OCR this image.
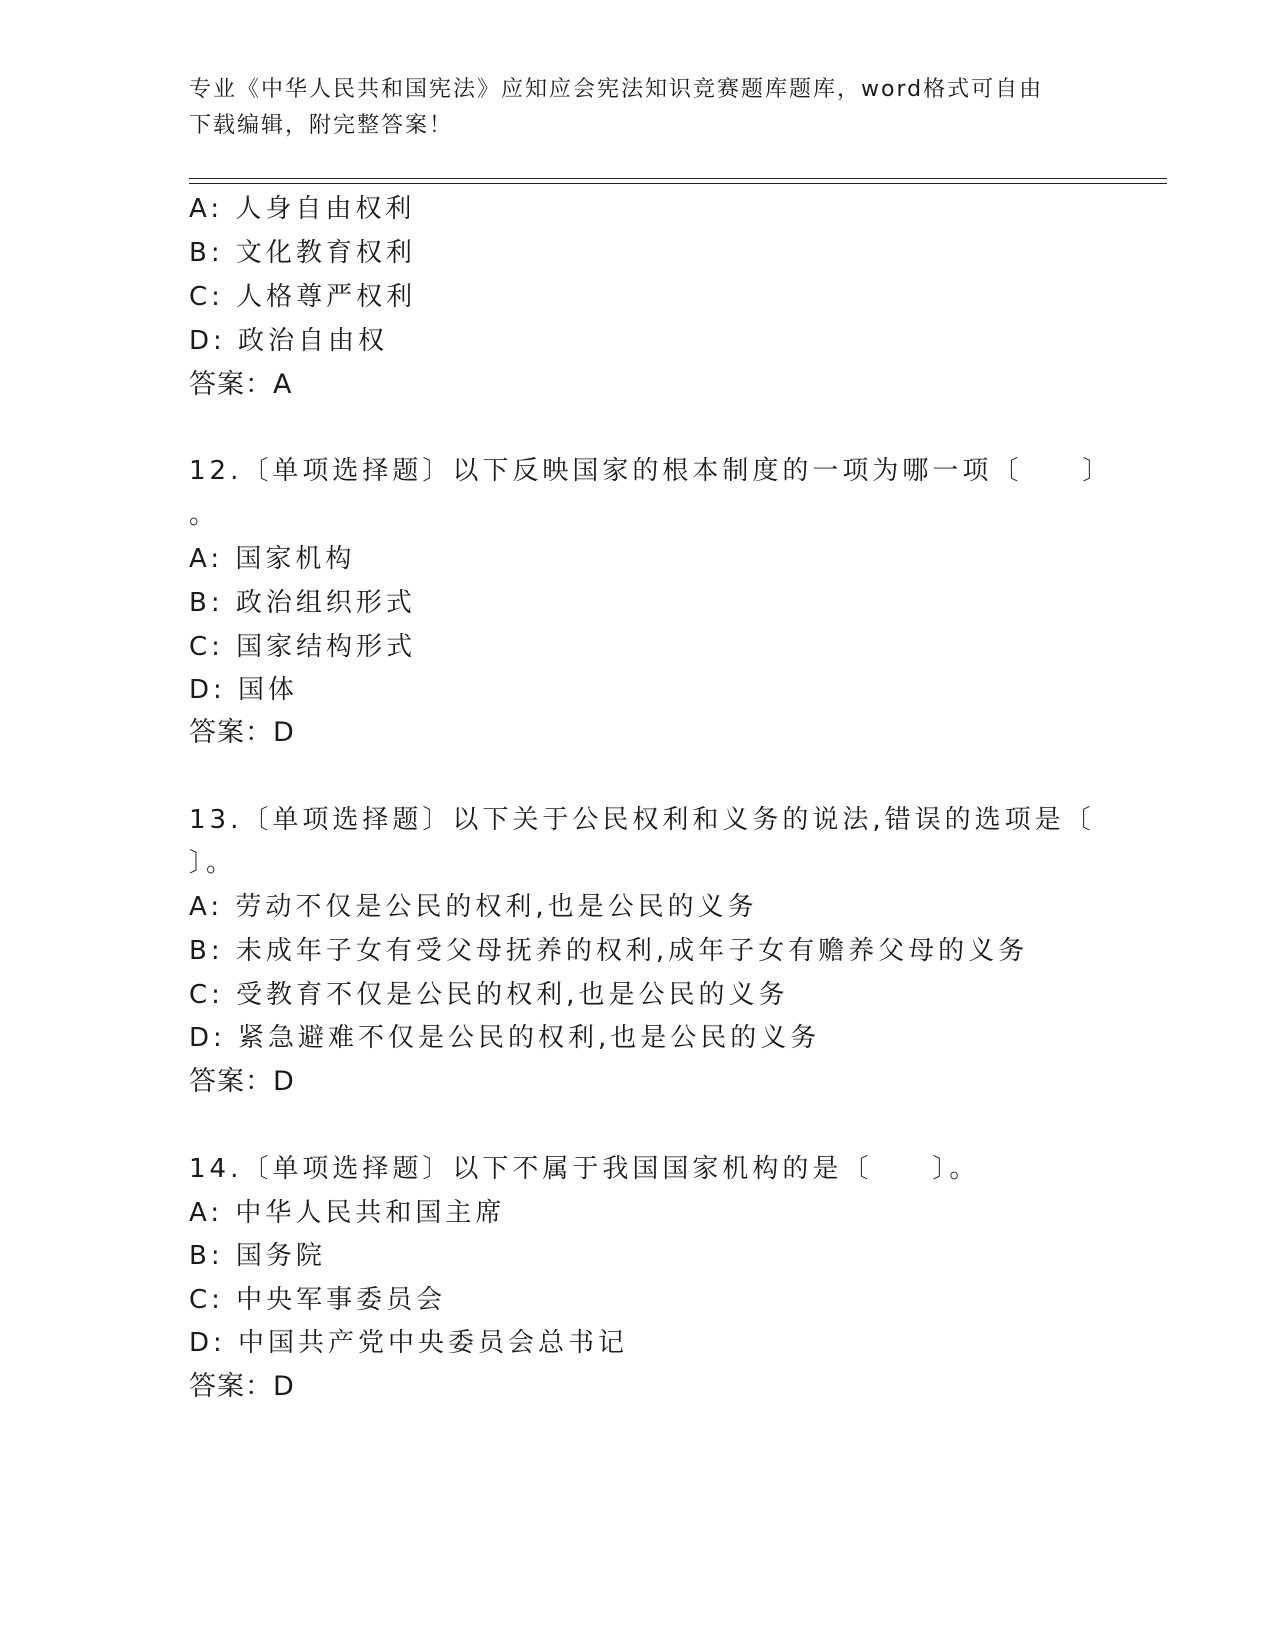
专业《中华人民共和国宪法》应知应会宪法知识竞赛题库题库，word格式可自由
下载编辑，附完整答案！
A: 人身自由权利
B: 文化教育权利
C: 人格尊严权利
D: 政治自由权
答案：A
12.〔单项选择题〕以下反映国家的根本制度的一项为哪一项〔　　〕
。
A: 国家机构
B: 政治组织形式
C: 国家结构形式
D: 国体
答案：D
13.〔单项选择题〕以下关于公民权利和义务的说法,错误的选项是〔
〕。
A: 劳动不仅是公民的权利,也是公民的义务
B: 未成年子女有受父母抚养的权利,成年子女有赡养父母的义务
C: 受教育不仅是公民的权利,也是公民的义务
D: 紧急避难不仅是公民的权利,也是公民的义务
答案：D
14.〔单项选择题〕以下不属于我国国家机构的是〔　　〕。
A: 中华人民共和国主席
B: 国务院
C: 中央军事委员会
D: 中国共产党中央委员会总书记
答案：D
